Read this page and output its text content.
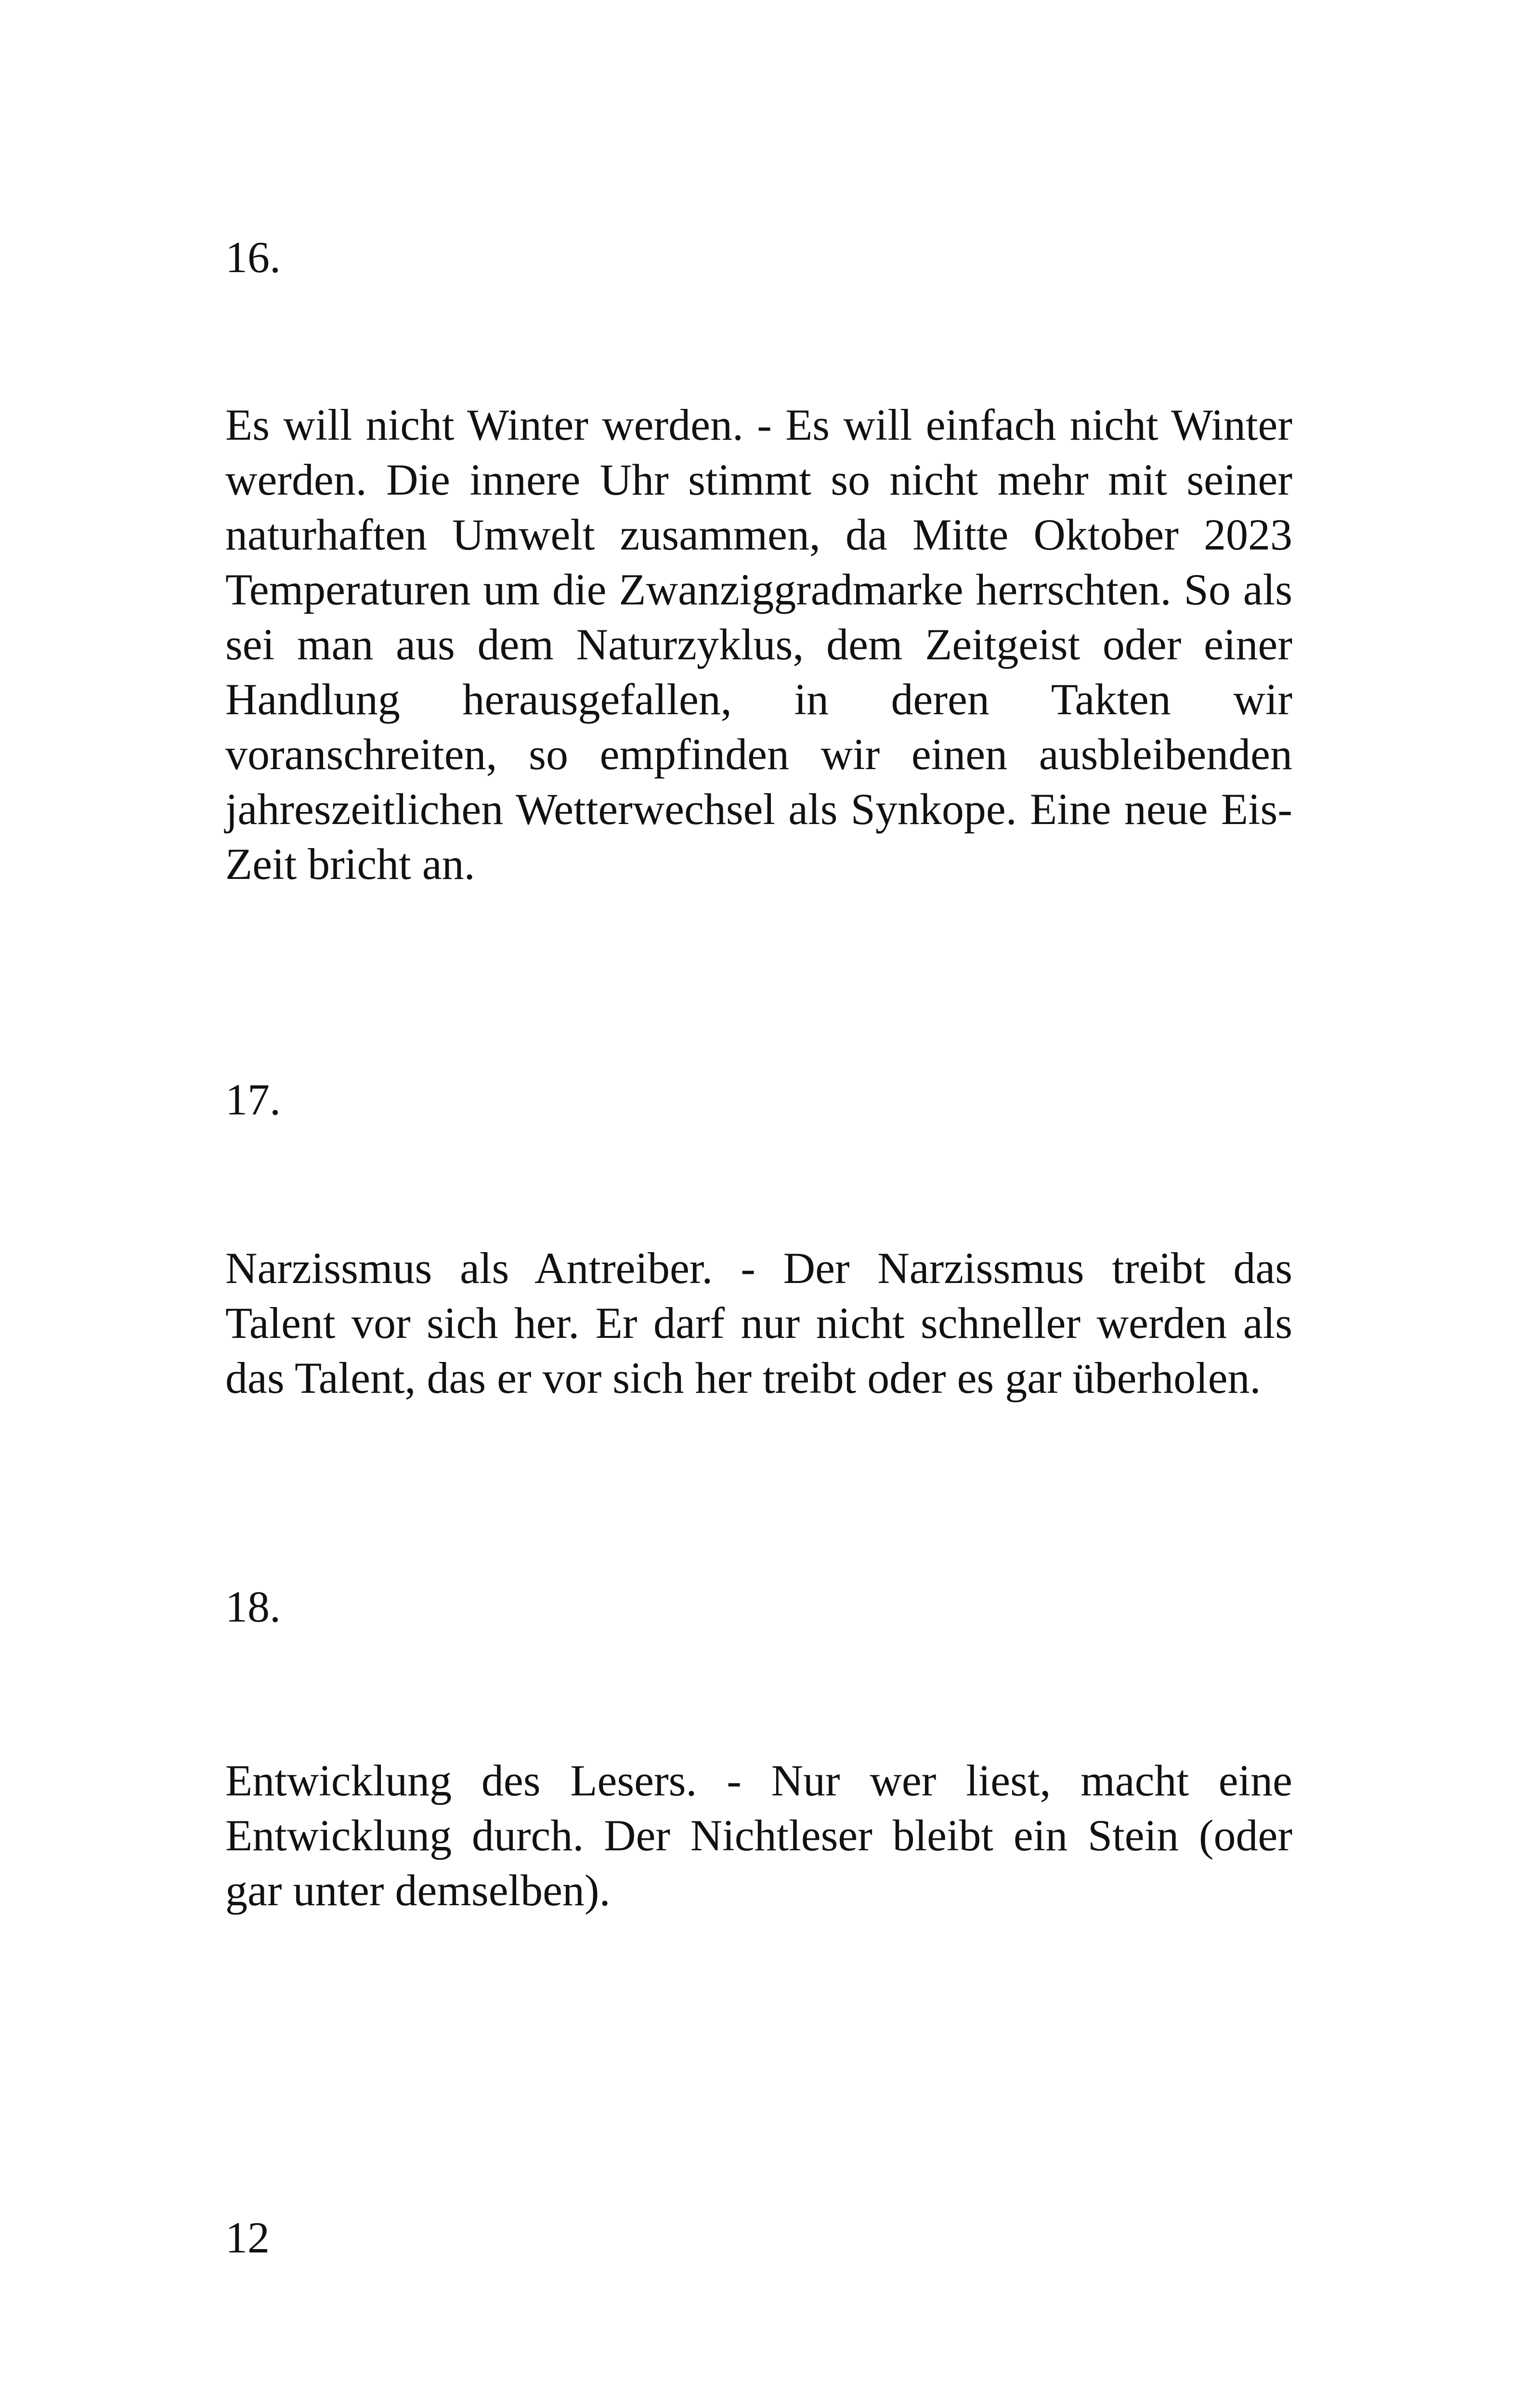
16.

Es will nicht Winter werden. - Es will einfach nicht Winter werden. Die innere Uhr stimmt so nicht mehr mit seiner naturhaften Umwelt zusammen, da Mitte Oktober 2023 Temperaturen um die Zwanziggradmarke herrschten. So als sei man aus dem Naturzyklus, dem Zeitgeist oder einer Handlung herausgefallen, in deren Takten wir voranschreiten, so empfinden wir einen ausbleibenden jahreszeitlichen Wetterwechsel als Synkope. Eine neue Eis-Zeit bricht an.

17.

Narzissmus als Antreiber. - Der Narzissmus treibt das Talent vor sich her. Er darf nur nicht schneller werden als das Talent, das er vor sich her treibt oder es gar überholen.

18.

Entwicklung des Lesers. - Nur wer liest, macht eine Entwicklung durch. Der Nichtleser bleibt ein Stein (oder gar unter demselben).

12
